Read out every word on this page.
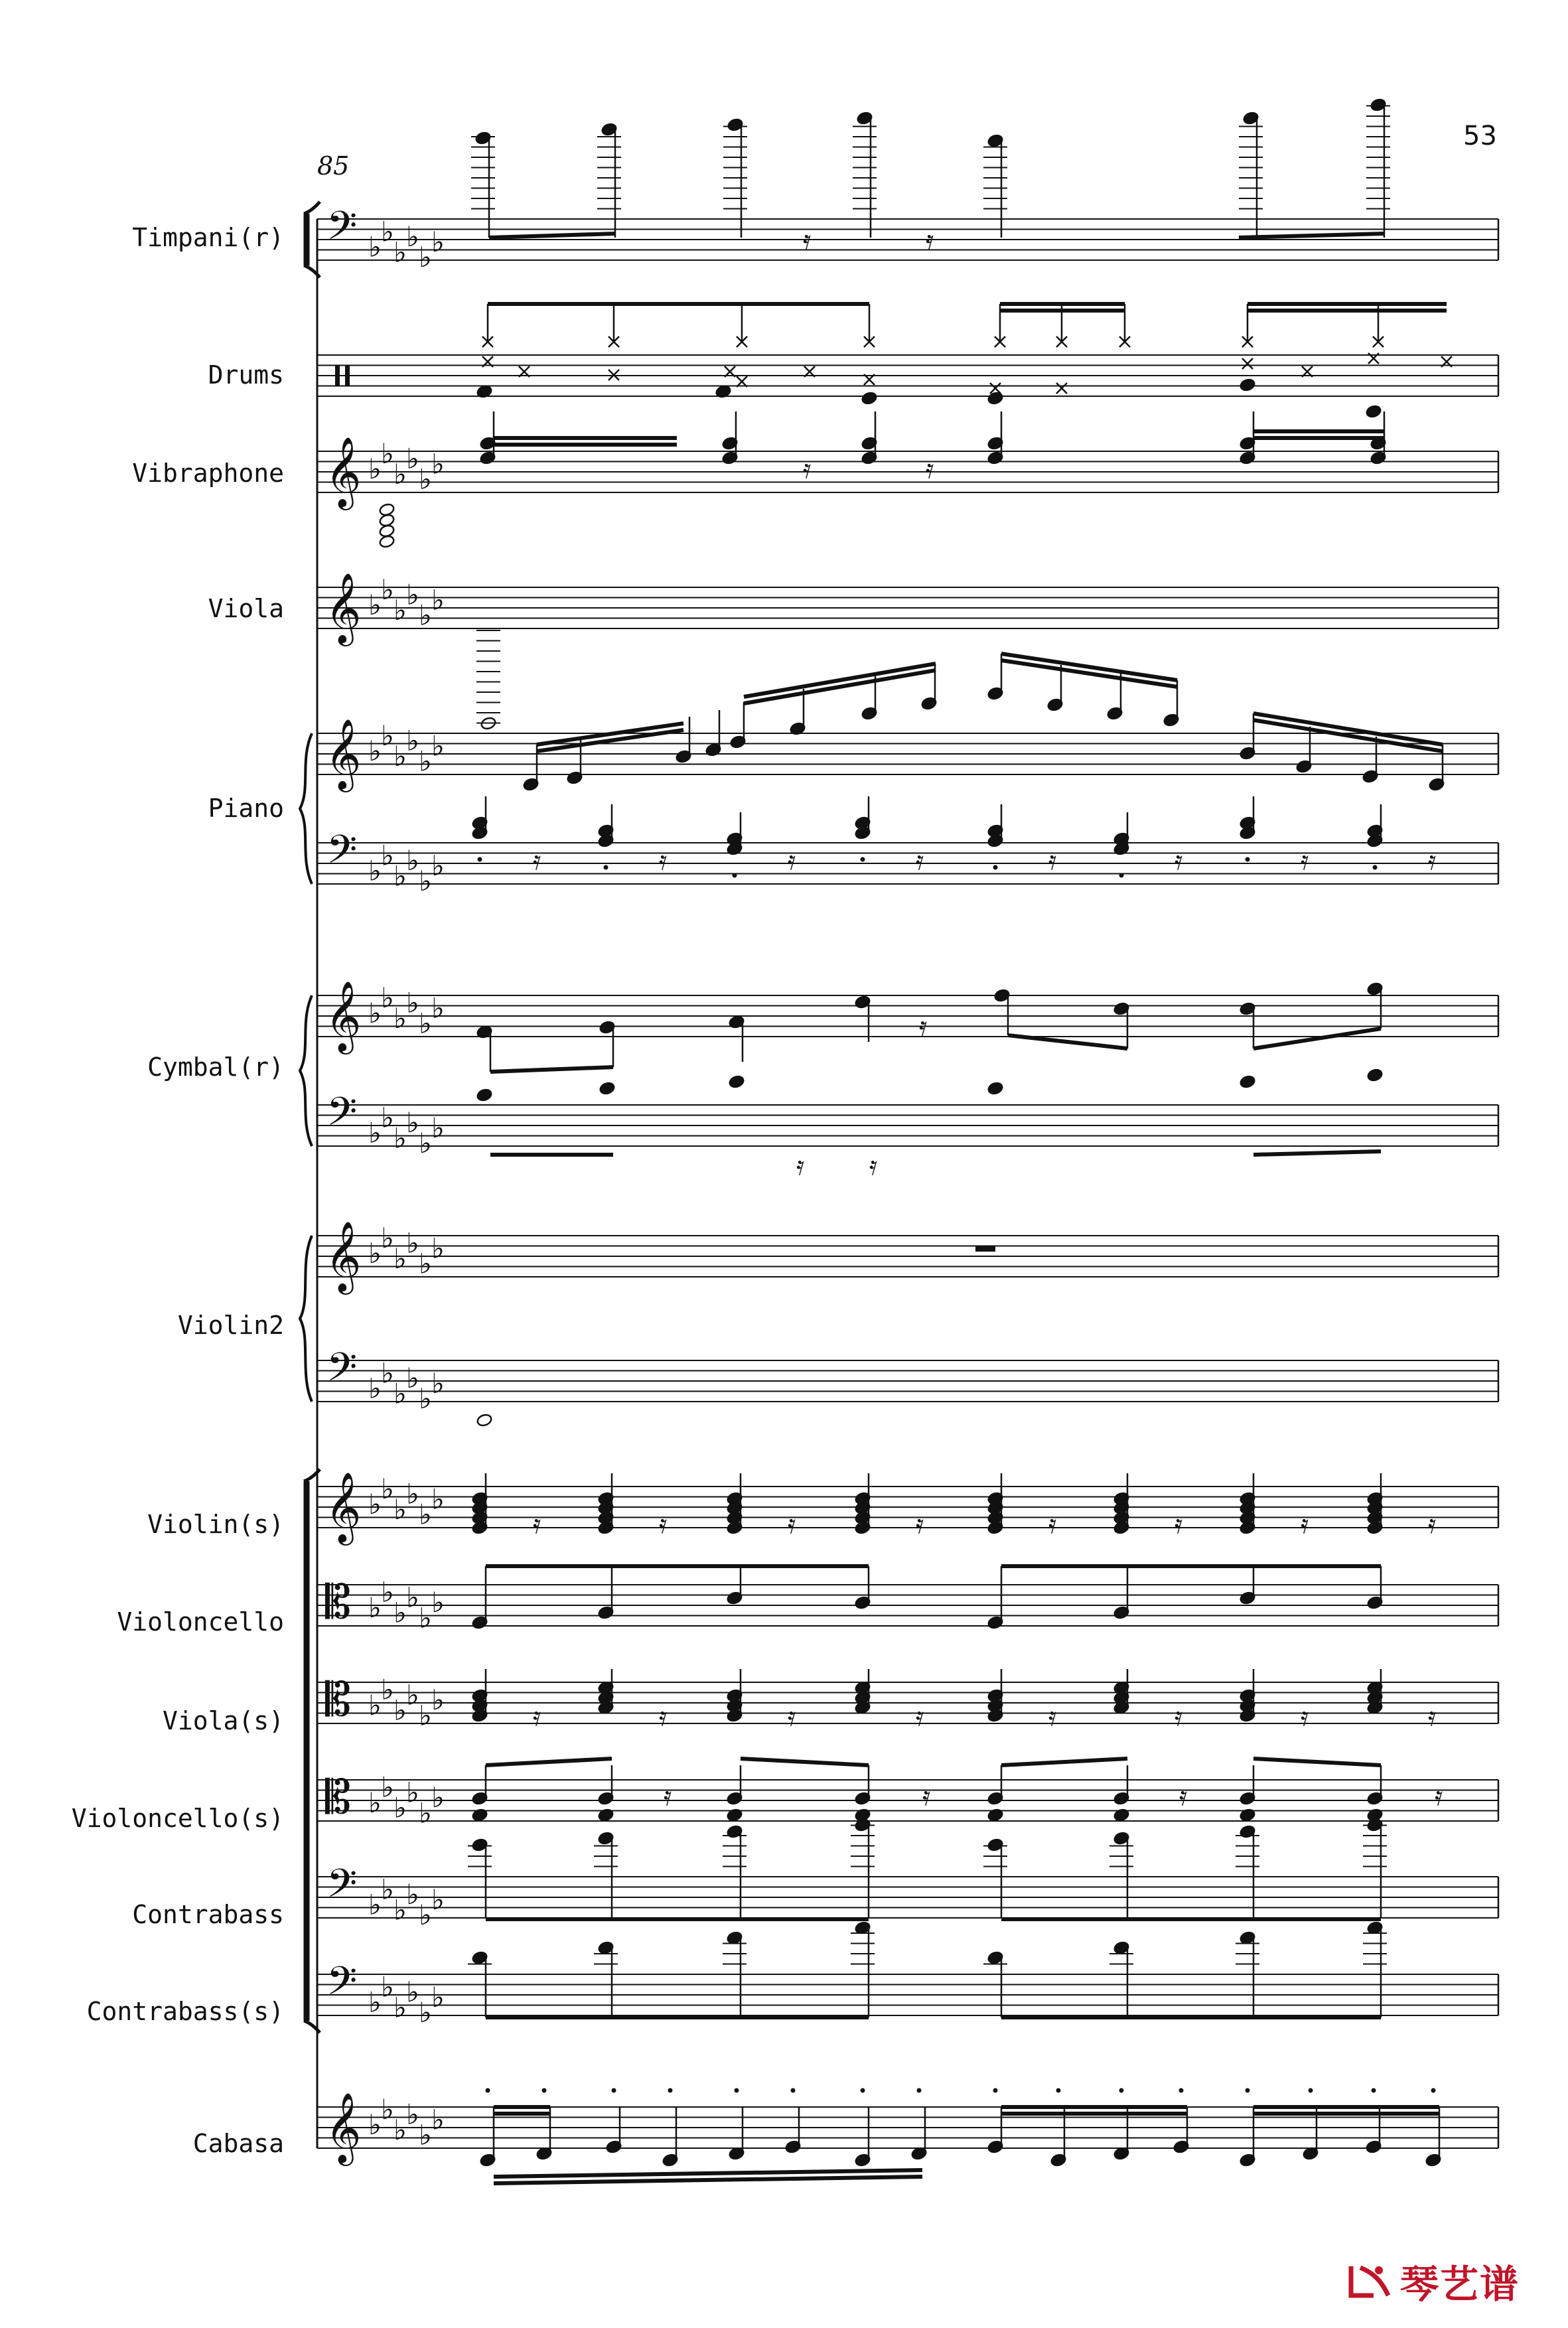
𝄢 ♭ ♭
♭ ♭
♭ ♭
𝄞 ♭ ♭
♭ ♭
♭ ♭
𝄞 ♭ ♭
♭ ♭
♭ ♭
𝄞 ♭ ♭
♭ ♭
♭ ♭
𝄢 ♭ ♭
♭ ♭
♭ ♭
𝄞 ♭ ♭
♭ ♭
♭ ♭
𝄢 ♭ ♭
♭ ♭
♭ ♭
𝄞 ♭ ♭
♭ ♭
♭ ♭
𝄢 ♭ ♭
♭ ♭
♭ ♭
𝄞 ♭ ♭
♭ ♭
♭ ♭
𝄡 ♭ ♭
♭ ♭
♭ ♭
𝄡 ♭ ♭
♭ ♭
♭ ♭
𝄡 ♭ ♭
♭ ♭
♭ ♭
𝄢 ♭ ♭
♭ ♭
♭ ♭
𝄢 ♭ ♭
♭ ♭
♭ ♭
𝄞 ♭ ♭
♭ ♭
♭ ♭
𝄿	𝄿
𝄿	𝄿
𝄿	𝄿	𝄿	𝄿	𝄿	𝄿	𝄿	𝄿
𝄿 𝄿
𝄿
𝄿	𝄿	𝄿	𝄿	𝄿	𝄿	𝄿	𝄿
𝄿	𝄿	𝄿	𝄿	𝄿	𝄿	𝄿	𝄿
𝄿	𝄿	𝄿	𝄿
53
85
Timpani(r)
Drums
Vibraphone
Viola
Piano
Cymbal(r)
Violin2
Violin(s)
Violoncello
Viola(s)
Violoncello(s)
Contrabass
Contrabass(s)
Cabasa
琴艺谱
